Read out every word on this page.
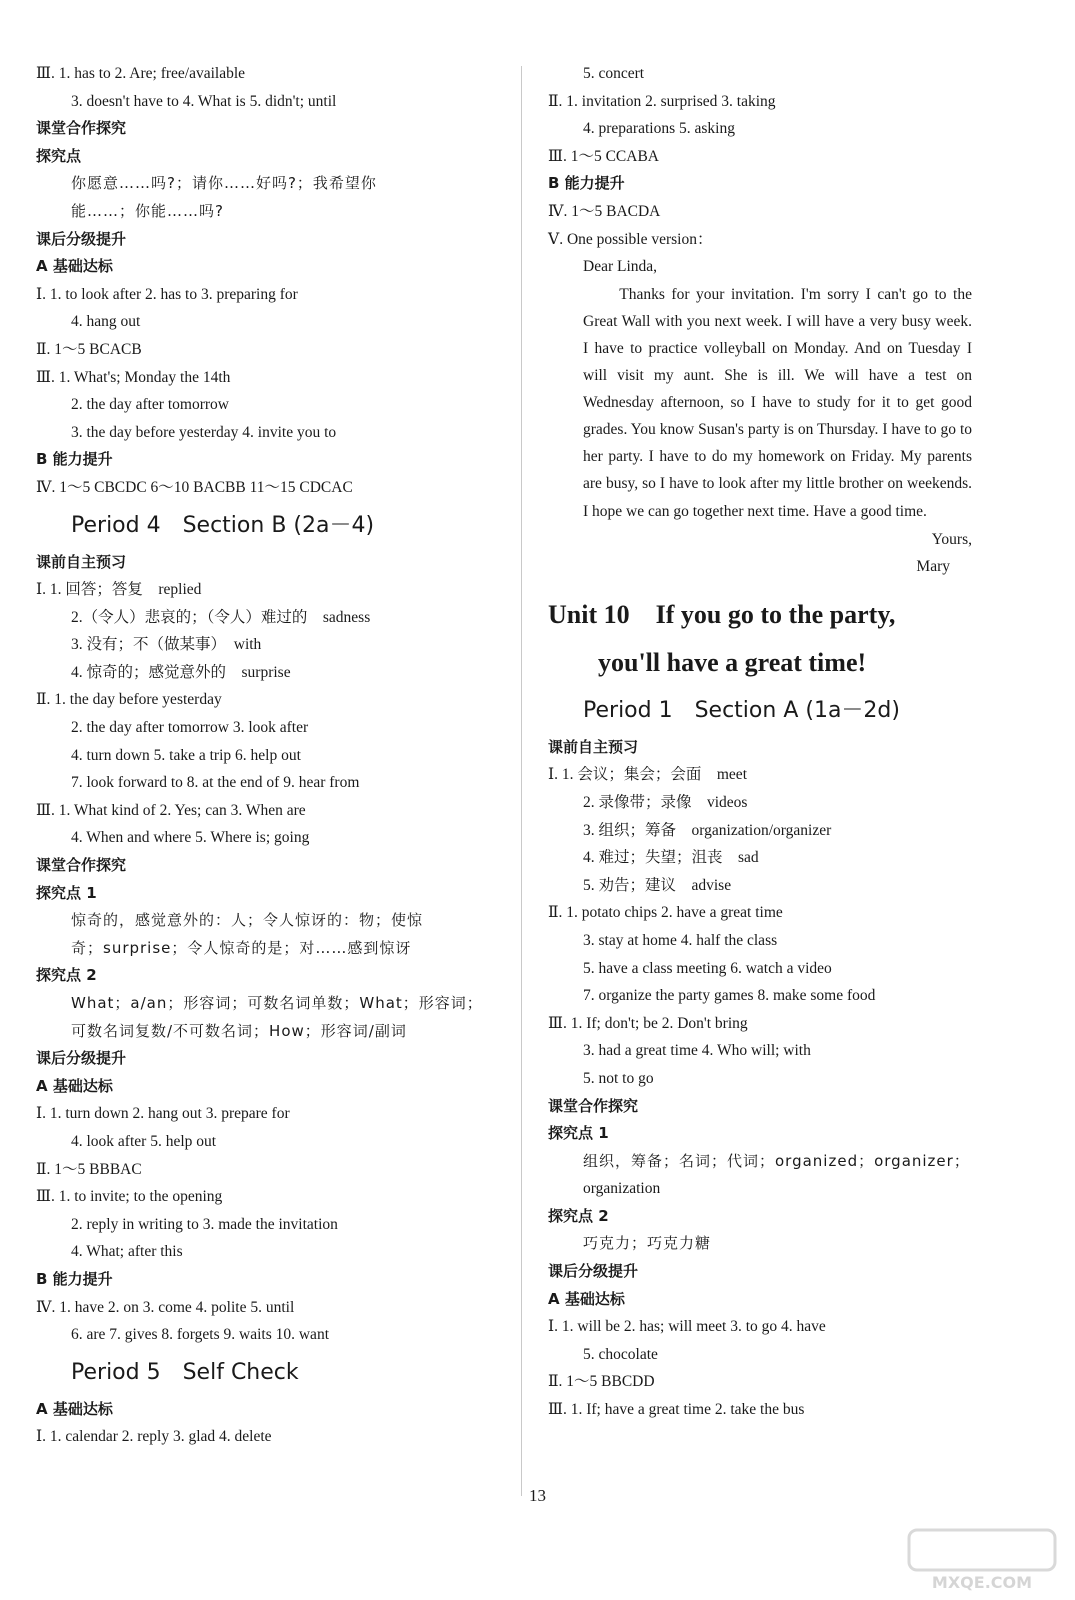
Ⅲ. 1. has to 2. Are; free/available
3. doesn't have to 4. What is 5. didn't; until
课堂合作探究
探究点
你愿意……吗?；请你……好吗?；我希望你
能……；你能……吗?
课后分级提升
A 基础达标
Ⅰ. 1. to look after 2. has to 3. preparing for
4. hang out
Ⅱ. 1～5 BCACB
Ⅲ. 1. What's; Monday the 14th
2. the day after tomorrow
3. the day before yesterday 4. invite you to
B 能力提升
Ⅳ. 1～5 CBCDC 6～10 BACBB 11～15 CDCAC
Period 4　Section B (2a－4)
课前自主预习
Ⅰ. 1. 回答；答复　replied
2.（令人）悲哀的；（令人）难过的　sadness
3. 没有；不（做某事）　with
4. 惊奇的；感觉意外的　surprise
Ⅱ. 1. the day before yesterday
2. the day after tomorrow 3. look after
4. turn down 5. take a trip 6. help out
7. look forward to 8. at the end of 9. hear from
Ⅲ. 1. What kind of 2. Yes; can 3. When are
4. When and where 5. Where is; going
课堂合作探究
探究点 1
惊奇的，感觉意外的：人；令人惊讶的：物；使惊
奇；surprise；令人惊奇的是；对……感到惊讶
探究点 2
What；a/an；形容词；可数名词单数；What；形容词；
可数名词复数/不可数名词；How；形容词/副词
课后分级提升
A 基础达标
Ⅰ. 1. turn down 2. hang out 3. prepare for
4. look after 5. help out
Ⅱ. 1～5 BBBAC
Ⅲ. 1. to invite; to the opening
2. reply in writing to 3. made the invitation
4. What; after this
B 能力提升
Ⅳ. 1. have 2. on 3. come 4. polite 5. until
6. are 7. gives 8. forgets 9. waits 10. want
Period 5　Self Check
A 基础达标
Ⅰ. 1. calendar 2. reply 3. glad 4. delete
5. concert
Ⅱ. 1. invitation 2. surprised 3. taking
4. preparations 5. asking
Ⅲ. 1～5 CCABA
B 能力提升
Ⅳ. 1～5 BACDA
Ⅴ. One possible version：
Dear Linda,
　　Thanks for your invitation. I'm sorry I can't go to the Great Wall with you next week. I will have a very busy week. I have to practice volleyball on Monday. And on Tuesday I will visit my aunt. She is ill. We will have a test on Wednesday afternoon, so I have to study for it to get good grades. You know Susan's party is on Thursday. I have to go to her party. I have to do my homework on Friday. My parents are busy, so I have to look after my little brother on weekends. I hope we can go together next time. Have a good time.
Yours,
Mary
Unit 10　If you go to the party,
you'll have a great time!
Period 1　Section A (1a－2d)
课前自主预习
Ⅰ. 1. 会议；集会；会面　meet
2. 录像带；录像　videos
3. 组织；筹备　organization/organizer
4. 难过；失望；沮丧　sad
5. 劝告；建议　advise
Ⅱ. 1. potato chips 2. have a great time
3. stay at home 4. half the class
5. have a class meeting 6. watch a video
7. organize the party games 8. make some food
Ⅲ. 1. If; don't; be 2. Don't bring
3. had a great time 4. Who will; with
5. not to go
课堂合作探究
探究点 1
组织，筹备；名词；代词；organized；organizer；
organization
探究点 2
巧克力；巧克力糖
课后分级提升
A 基础达标
Ⅰ. 1. will be 2. has; will meet 3. to go 4. have
5. chocolate
Ⅱ. 1～5 BBCDD
Ⅲ. 1. If; have a great time 2. take the bus
13
MXQE.COM
